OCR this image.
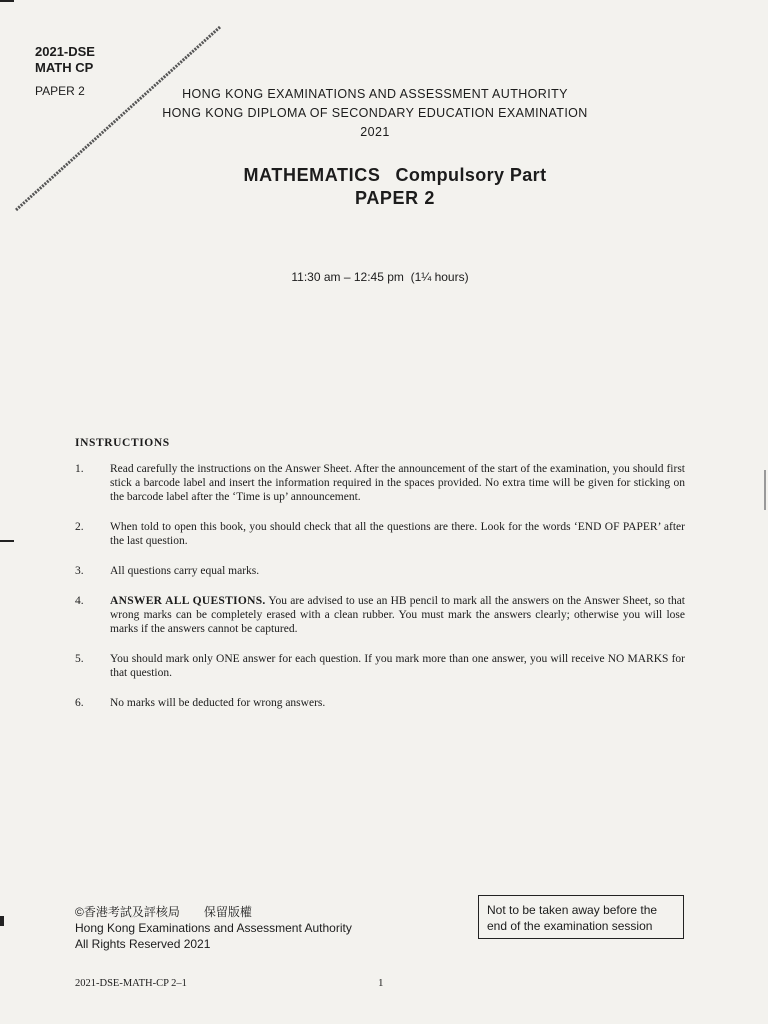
2021-DSE
MATH CP
PAPER 2	HONG KONG EXAMINATIONS AND ASSESSMENT AUTHORITY
HONG KONG DIPLOMA OF SECONDARY EDUCATION EXAMINATION 2021
MATHEMATICS Compulsory Part
PAPER 2
11:30 am – 12:45 pm  (1¼ hours)
INSTRUCTIONS
1.	Read carefully the instructions on the Answer Sheet. After the announcement of the start of the examination, you should first stick a barcode label and insert the information required in the spaces provided. No extra time will be given for sticking on the barcode label after the ‘Time is up’ announcement.
2.	When told to open this book, you should check that all the questions are there. Look for the words ‘END OF PAPER’ after the last question.
3.	All questions carry equal marks.
4.	ANSWER ALL QUESTIONS. You are advised to use an HB pencil to mark all the answers on the Answer Sheet, so that wrong marks can be completely erased with a clean rubber. You must mark the answers clearly; otherwise you will lose marks if the answers cannot be captured.
5.	You should mark only ONE answer for each question. If you mark more than one answer, you will receive NO MARKS for that question.
6.	No marks will be deducted for wrong answers.
©香港考試及評核局　　保留版權
Hong Kong Examinations and Assessment Authority
All Rights Reserved 2021
Not to be taken away before the end of the examination session
2021-DSE-MATH-CP 2–1	1
